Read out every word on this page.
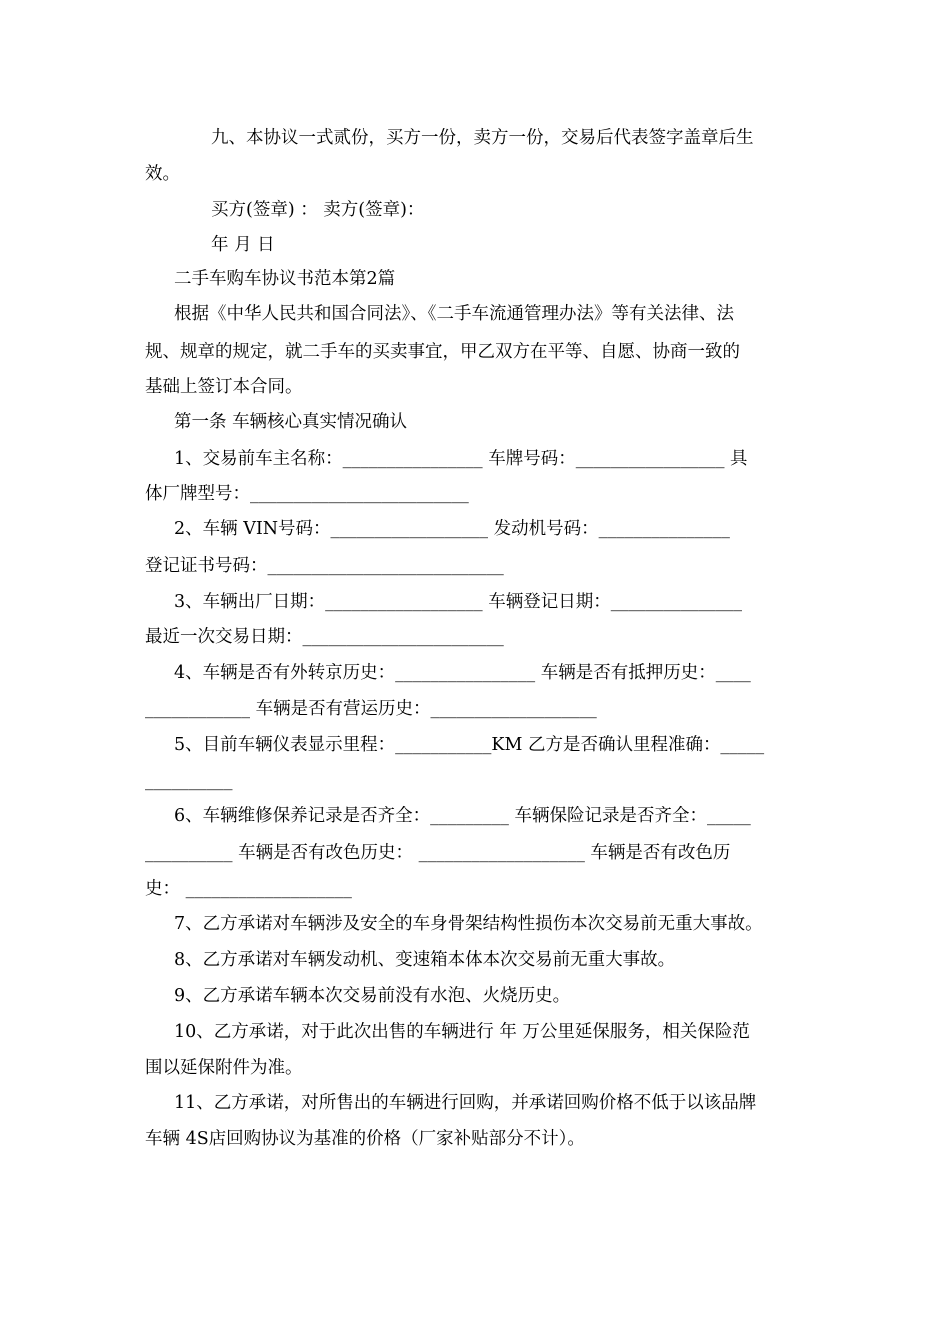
九、本协议一式贰份，买方一份，卖方一份，交易后代表签字盖章后生

效。

买方(签章) ： 卖方(签章)：

年 月 日

二手车购车协议书范本第2篇

根据《中华人民共和国合同法》、《二手车流通管理办法》等有关法律、法

规、规章的规定，就二手车的买卖事宜，甲乙双方在平等、自愿、协商一致的

基础上签订本合同。

第一条 车辆核心真实情况确认

1、交易前车主名称：________________ 车牌号码：_________________ 具

体厂牌型号：_________________________

2、车辆 VIN号码：__________________ 发动机号码：_______________

登记证书号码：___________________________

3、车辆出厂日期：__________________ 车辆登记日期：_______________

最近一次交易日期：_______________________

4、车辆是否有外转京历史：________________ 车辆是否有抵押历史：____

____________ 车辆是否有营运历史：___________________

5、目前车辆仪表显示里程：___________KM 乙方是否确认里程准确：_____

__________

6、车辆维修保养记录是否齐全：_________ 车辆保险记录是否齐全：_____

__________ 车辆是否有改色历史： ___________________ 车辆是否有改色历

史： ___________________

7、乙方承诺对车辆涉及安全的车身骨架结构性损伤本次交易前无重大事故。

8、乙方承诺对车辆发动机、变速箱本体本次交易前无重大事故。

9、乙方承诺车辆本次交易前没有水泡、火烧历史。

10、乙方承诺，对于此次出售的车辆进行 年 万公里延保服务，相关保险范

围以延保附件为准。

11、乙方承诺，对所售出的车辆进行回购，并承诺回购价格不低于以该品牌

车辆 4S店回购协议为基准的价格（厂家补贴部分不计）。
